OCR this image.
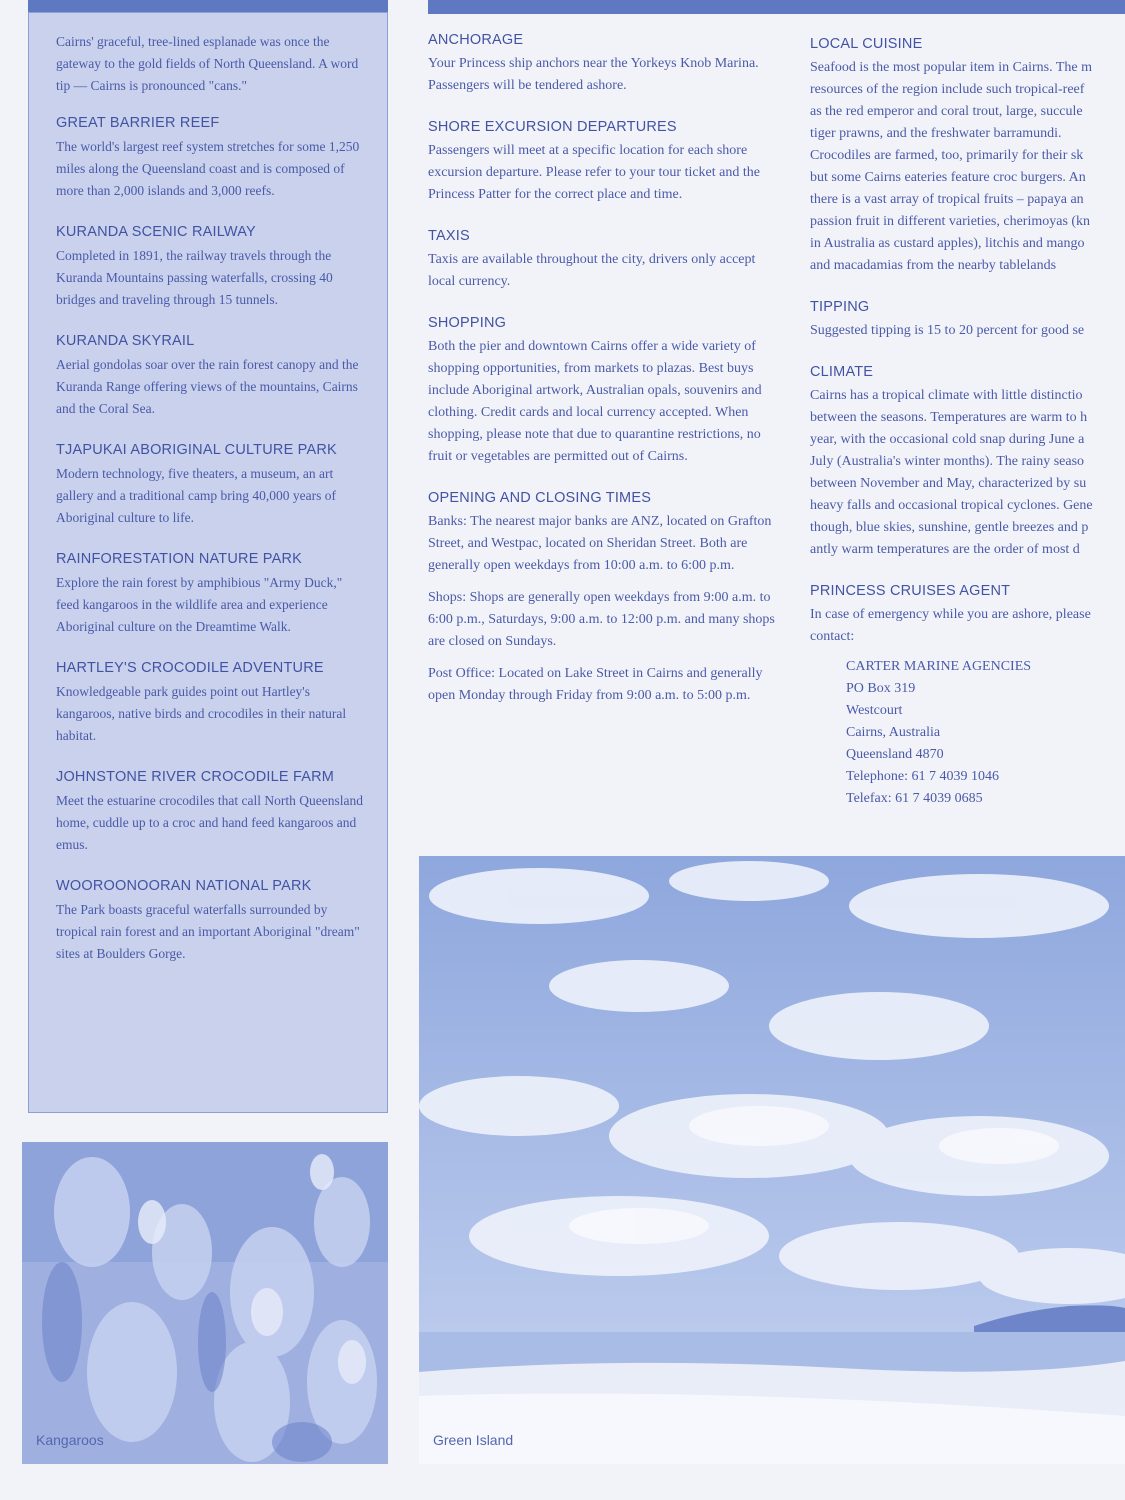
Cairns' graceful, tree-lined esplanade was once the gateway to the gold fields of North Queensland. A word tip — Cairns is pronounced "cans."

GREAT BARRIER REEF

The world's largest reef system stretches for some 1,250 miles along the Queensland coast and is composed of more than 2,000 islands and 3,000 reefs.

KURANDA SCENIC RAILWAY

Completed in 1891, the railway travels through the Kuranda Mountains passing waterfalls, crossing 40 bridges and traveling through 15 tunnels.

KURANDA SKYRAIL

Aerial gondolas soar over the rain forest canopy and the Kuranda Range offering views of the mountains, Cairns and the Coral Sea.

TJAPUKAI ABORIGINAL CULTURE PARK

Modern technology, five theaters, a museum, an art gallery and a traditional camp bring 40,000 years of Aboriginal culture to life.

RAINFORESTATION NATURE PARK

Explore the rain forest by amphibious "Army Duck," feed kangaroos in the wildlife area and experience Aboriginal culture on the Dreamtime Walk.

HARTLEY'S CROCODILE ADVENTURE

Knowledgeable park guides point out Hartley's kangaroos, native birds and crocodiles in their natural habitat.

JOHNSTONE RIVER CROCODILE FARM

Meet the estuarine crocodiles that call North Queensland home, cuddle up to a croc and hand feed kangaroos and emus.

WOOROONOORAN NATIONAL PARK

The Park boasts graceful waterfalls surrounded by tropical rain forest and an important Aboriginal "dream" sites at Boulders Gorge.

ANCHORAGE

Your Princess ship anchors near the Yorkeys Knob Marina. Passengers will be tendered ashore.

SHORE EXCURSION DEPARTURES

Passengers will meet at a specific location for each shore excursion departure. Please refer to your tour ticket and the Princess Patter for the correct place and time.

TAXIS

Taxis are available throughout the city, drivers only accept local currency.

SHOPPING

Both the pier and downtown Cairns offer a wide variety of shopping opportunities, from markets to plazas. Best buys include Aboriginal artwork, Australian opals, souvenirs and clothing. Credit cards and local currency accepted. When shopping, please note that due to quarantine restrictions, no fruit or vegetables are permitted out of Cairns.

OPENING AND CLOSING TIMES

Banks: The nearest major banks are ANZ, located on Grafton Street, and Westpac, located on Sheridan Street. Both are generally open weekdays from 10:00 a.m. to 6:00 p.m.

Shops: Shops are generally open weekdays from 9:00 a.m. to 6:00 p.m., Saturdays, 9:00 a.m. to 12:00 p.m. and many shops are closed on Sundays.

Post Office: Located on Lake Street in Cairns and generally open Monday through Friday from 9:00 a.m. to 5:00 p.m.

LOCAL CUISINE
Seafood is the most popular item in Cairns. The m
resources of the region include such tropical-reef
as the red emperor and coral trout, large, succule
tiger prawns, and the freshwater barramundi.
Crocodiles are farmed, too, primarily for their sk
but some Cairns eateries feature croc burgers. An
there is a vast array of tropical fruits – papaya an
passion fruit in different varieties, cherimoyas (kn
in Australia as custard apples), litchis and mango
and macadamias from the nearby tablelands
TIPPING
Suggested tipping is 15 to 20 percent for good se
CLIMATE
Cairns has a tropical climate with little distinctio
between the seasons. Temperatures are warm to h
year, with the occasional cold snap during June a
July (Australia's winter months). The rainy seaso
between November and May, characterized by su
heavy falls and occasional tropical cyclones. Gene
though, blue skies, sunshine, gentle breezes and p
antly warm temperatures are the order of most d
PRINCESS CRUISES AGENT

In case of emergency while you are ashore, please contact:

CARTER MARINE AGENCIES
PO Box 319
Westcourt
Cairns, Australia
Queensland 4870
Telephone: 61 7 4039 1046
Telefax: 61 7 4039 0685
Kangaroos	Green Island
